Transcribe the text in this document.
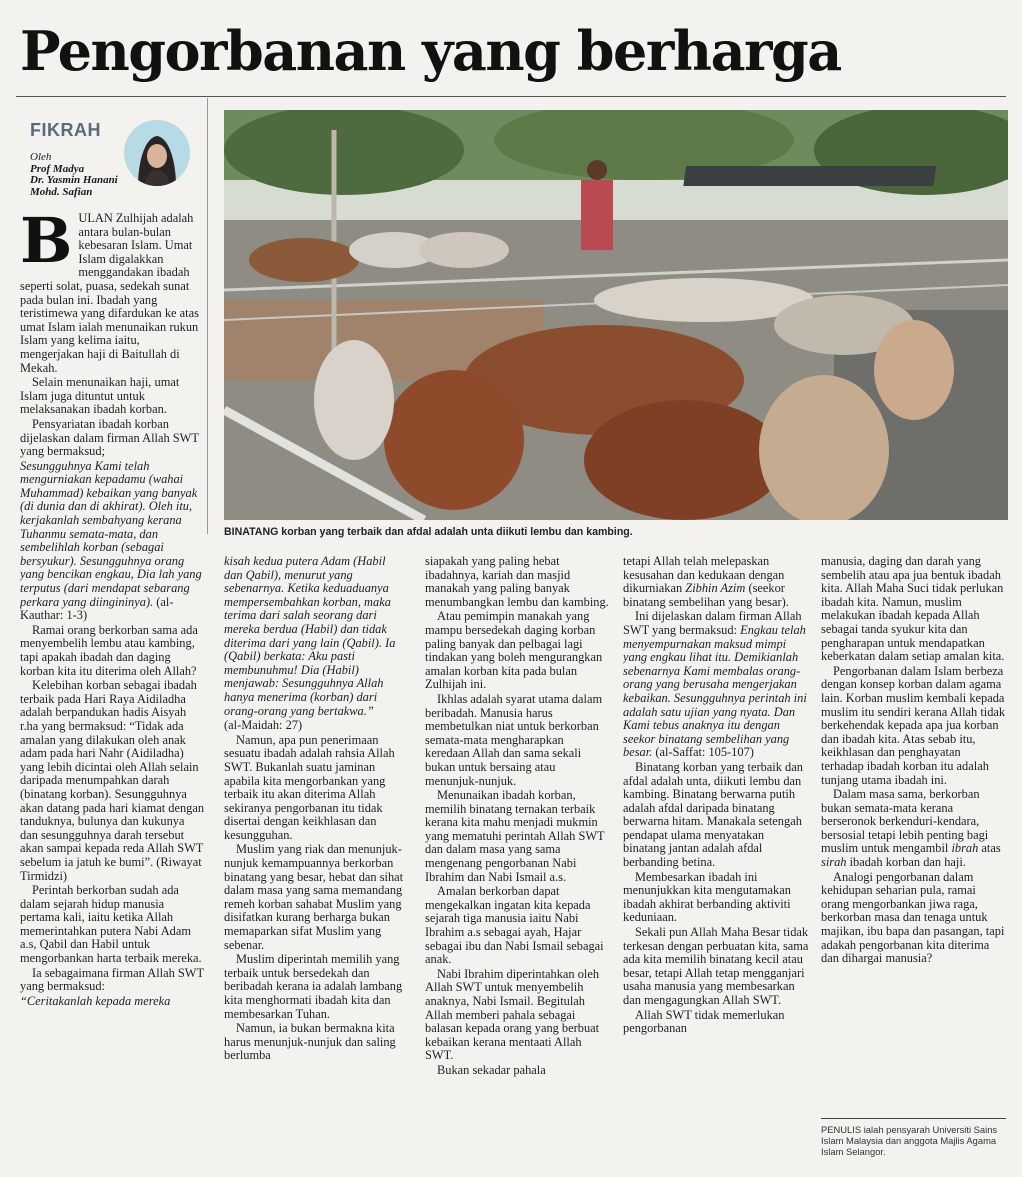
Pengorbanan yang berharga
FIKRAH
Oleh
Prof Madya
Dr. Yasmin Hanani
Mohd. Safian
BINATANG korban yang terbaik dan afdal adalah unta diikuti lembu dan kambing.

BULAN Zulhijah adalah antara bulan-bulan kebesaran Islam. Umat Islam digalakkan menggandakan ibadah seperti solat, puasa, sedekah sunat pada bulan ini. Ibadah yang teristimewa yang difardukan ke atas umat Islam ialah menunaikan rukun Islam yang kelima iaitu, mengerjakan haji di Baitullah di Mekah.

Selain menunaikan haji, umat Islam juga dituntut untuk melaksanakan ibadah korban.

Pensyariatan ibadah korban dijelaskan dalam firman Allah SWT yang bermaksud;

Sesungguhnya Kami telah mengurniakan kepadamu (wahai Muhammad) kebaikan yang banyak (di dunia dan di akhirat). Oleh itu, kerjakanlah sembahyang kerana Tuhanmu semata-mata, dan sembelihlah korban (sebagai bersyukur). Sesungguhnya orang yang bencikan engkau, Dia lah yang terputus (dari mendapat sebarang perkara yang diingininya). (al-Kauthar: 1-3)

Ramai orang berkorban sama ada menyembelih lembu atau kambing, tapi apakah ibadah dan daging korban kita itu diterima oleh Allah?

Kelebihan korban sebagai ibadah terbaik pada Hari Raya Aidiladha adalah berpandukan hadis Aisyah r.ha yang bermaksud: “Tidak ada amalan yang dilakukan oleh anak adam pada hari Nahr (Aidiladha) yang lebih dicintai oleh Allah selain daripada menumpahkan darah (binatang korban). Sesungguhnya akan datang pada hari kiamat dengan tanduknya, bulunya dan kukunya dan sesungguhnya darah tersebut akan sampai kepada reda Allah SWT sebelum ia jatuh ke bumi”. (Riwayat Tirmidzi)

Perintah berkorban sudah ada dalam sejarah hidup manusia pertama kali, iaitu ketika Allah memerintahkan putera Nabi Adam a.s, Qabil dan Habil untuk mengorbankan harta terbaik mereka.

Ia sebagaimana firman Allah SWT yang bermaksud:

“Ceritakanlah kepada mereka

kisah kedua putera Adam (Habil dan Qabil), menurut yang sebenarnya. Ketika keduaduanya mempersembahkan korban, maka terima dari salah seorang dari mereka berdua (Habil) dan tidak diterima dari yang lain (Qabil). Ia (Qabil) berkata: Aku pasti membunuhmu! Dia (Habil) menjawab: Sesungguhnya Allah hanya menerima (korban) dari orang-orang yang bertakwa.”

(al-Maidah: 27)

Namun, apa pun penerimaan sesuatu ibadah adalah rahsia Allah SWT. Bukanlah suatu jaminan apabila kita mengorbankan yang terbaik itu akan diterima Allah sekiranya pengorbanan itu tidak disertai dengan keikhlasan dan kesungguhan.

Muslim yang riak dan menunjuk-nunjuk kemampuannya berkorban binatang yang besar, hebat dan sihat dalam masa yang sama memandang remeh korban sahabat Muslim yang disifatkan kurang berharga bukan memaparkan sifat Muslim yang sebenar.

Muslim diperintah memilih yang terbaik untuk bersedekah dan beribadah kerana ia adalah lambang kita menghormati ibadah kita dan membesarkan Tuhan.

Namun, ia bukan bermakna kita harus menunjuk-nunjuk dan saling berlumba

siapakah yang paling hebat ibadahnya, kariah dan masjid manakah yang paling banyak menumbangkan lembu dan kambing.

Atau pemimpin manakah yang mampu bersedekah daging korban paling banyak dan pelbagai lagi tindakan yang boleh mengurangkan amalan korban kita pada bulan Zulhijah ini.

Ikhlas adalah syarat utama dalam beribadah. Manusia harus membetulkan niat untuk berkorban semata-mata mengharapkan keredaan Allah dan sama sekali bukan untuk bersaing atau menunjuk-nunjuk.

Menunaikan ibadah korban, memilih binatang ternakan terbaik kerana kita mahu menjadi mukmin yang mematuhi perintah Allah SWT dan dalam masa yang sama mengenang pengorbanan Nabi Ibrahim dan Nabi Ismail a.s.

Amalan berkorban dapat mengekalkan ingatan kita kepada sejarah tiga manusia iaitu Nabi Ibrahim a.s sebagai ayah, Hajar sebagai ibu dan Nabi Ismail sebagai anak.

Nabi Ibrahim diperintahkan oleh Allah SWT untuk menyembelih anaknya, Nabi Ismail. Begitulah Allah memberi pahala sebagai balasan kepada orang yang berbuat kebaikan kerana mentaati Allah SWT.

Bukan sekadar pahala

tetapi Allah telah melepaskan kesusahan dan kedukaan dengan dikurniakan Zibhin Azim (seekor binatang sembelihan yang besar).

Ini dijelaskan dalam firman Allah SWT yang bermaksud: Engkau telah menyempurnakan maksud mimpi yang engkau lihat itu. Demikianlah sebenarnya Kami membalas orang-orang yang berusaha mengerjakan kebaikan. Sesungguhnya perintah ini adalah satu ujian yang nyata. Dan Kami tebus anaknya itu dengan seekor binatang sembelihan yang besar. (al-Saffat: 105-107)

Binatang korban yang terbaik dan afdal adalah unta, diikuti lembu dan kambing. Binatang berwarna putih adalah afdal daripada binatang berwarna hitam. Manakala setengah pendapat ulama menyatakan binatang jantan adalah afdal berbanding betina.

Membesarkan ibadah ini menunjukkan kita mengutamakan ibadah akhirat berbanding aktiviti keduniaan.

Sekali pun Allah Maha Besar tidak terkesan dengan perbuatan kita, sama ada kita memilih binatang kecil atau besar, tetapi Allah tetap mengganjari usaha manusia yang membesarkan dan mengagungkan Allah SWT.

Allah SWT tidak memerlukan pengorbanan

manusia, daging dan darah yang sembelih atau apa jua bentuk ibadah kita. Allah Maha Suci tidak perlukan ibadah kita. Namun, muslim melakukan ibadah kepada Allah sebagai tanda syukur kita dan pengharapan untuk mendapatkan keberkatan dalam setiap amalan kita.

Pengorbanan dalam Islam berbeza dengan konsep korban dalam agama lain. Korban muslim kembali kepada muslim itu sendiri kerana Allah tidak berkehendak kepada apa jua korban dan ibadah kita. Atas sebab itu, keikhlasan dan penghayatan terhadap ibadah korban itu adalah tunjang utama ibadah ini.

Dalam masa sama, berkorban bukan semata-mata kerana berseronok berkenduri-kendara, bersosial tetapi lebih penting bagi muslim untuk mengambil ibrah atas sirah ibadah korban dan haji.

Analogi pengorbanan dalam kehidupan seharian pula, ramai orang mengorbankan jiwa raga, berkorban masa dan tenaga untuk majikan, ibu bapa dan pasangan, tapi adakah pengorbanan kita diterima dan dihargai manusia?

PENULIS ialah pensyarah Universiti Sains Islam Malaysia dan anggota Majlis Agama Islam Selangor.
